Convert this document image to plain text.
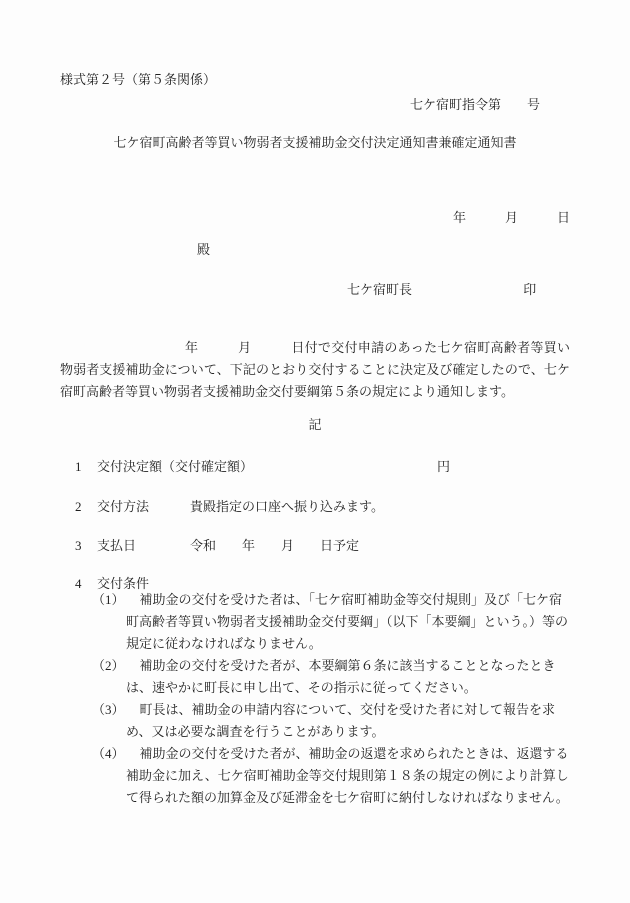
様式第２号（第５条関係）
七ケ宿町指令第　　号
七ケ宿町高齢者等買い物弱者支援補助金交付決定通知書兼確定通知書
年　　　月　　　日
殿
七ケ宿町長	印

年　　　月　　　日付で交付申請のあった七ケ宿町高齢者等買い物弱者支援補助金について、下記のとおり交付することに決定及び確定したので、七ケ宿町高齢者等買い物弱者支援補助金交付要綱第５条の規定により通知します。

記
1 交付決定額（交付確定額）	円
2 交付方法	貴殿指定の口座へ振り込みます。
3 支払日	令和　　年　　月　　日予定
4 交付条件
（1） 補助金の交付を受けた者は、「七ケ宿町補助金等交付規則」及び「七ケ宿町高齢者等買い物弱者支援補助金交付要綱」（以下「本要綱」という。）等の規定に従わなければなりません。
（2） 補助金の交付を受けた者が、本要綱第６条に該当することとなったときは、速やかに町長に申し出て、その指示に従ってください。
（3） 町長は、補助金の申請内容について、交付を受けた者に対して報告を求め、又は必要な調査を行うことがあります。
（4） 補助金の交付を受けた者が、補助金の返還を求められたときは、返還する補助金に加え、七ケ宿町補助金等交付規則第１８条の規定の例により計算して得られた額の加算金及び延滞金を七ケ宿町に納付しなければなりません。
